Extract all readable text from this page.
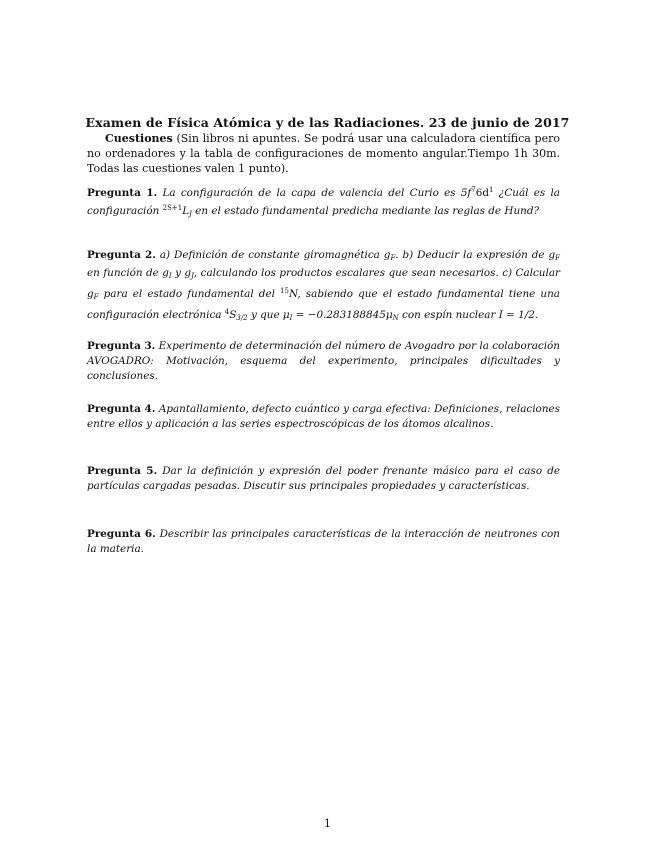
Examen de Física Atómica y de las Radiaciones. 23 de junio de 2017
Cuestiones (Sin libros ni apuntes. Se podrá usar una calculadora científica pero no ordenadores y la tabla de configuraciones de momento angular.Tiempo 1h 30m. Todas las cuestiones valen 1 punto).
Pregunta 1. La configuración de la capa de valencia del Curio es $5f^76d^1$ ¿Cuál es la configuración $^{2S+1}$LJ en el estado fundamental predicha mediante las reglas de Hund?
Pregunta 2. a) Definición de constante giromagnética gF. b) Deducir la expresión de gF en función de gI y gJ, calculando los productos escalares que sean necesarios. c) Calcular gF para el estado fundamental del $^{15}$N, sabiendo que el estado fundamental tiene una configuración electrónica $^4$S3/2 y que μI = −0.283188845μN con espín nuclear I = 1/2.
Pregunta 3. Experimento de determinación del número de Avogadro por la colaboración AVOGADRO: Motivación, esquema del experimento, principales dificultades y conclusiones.
Pregunta 4. Apantallamiento, defecto cuántico y carga efectiva: Definiciones, relaciones entre ellos y aplicación a las series espectroscópicas de los átomos alcalinos.
Pregunta 5. Dar la definición y expresión del poder frenante másico para el caso de partículas cargadas pesadas. Discutir sus principales propiedades y características.
Pregunta 6. Describir las principales características de la interacción de neutrones con la materia.
1
